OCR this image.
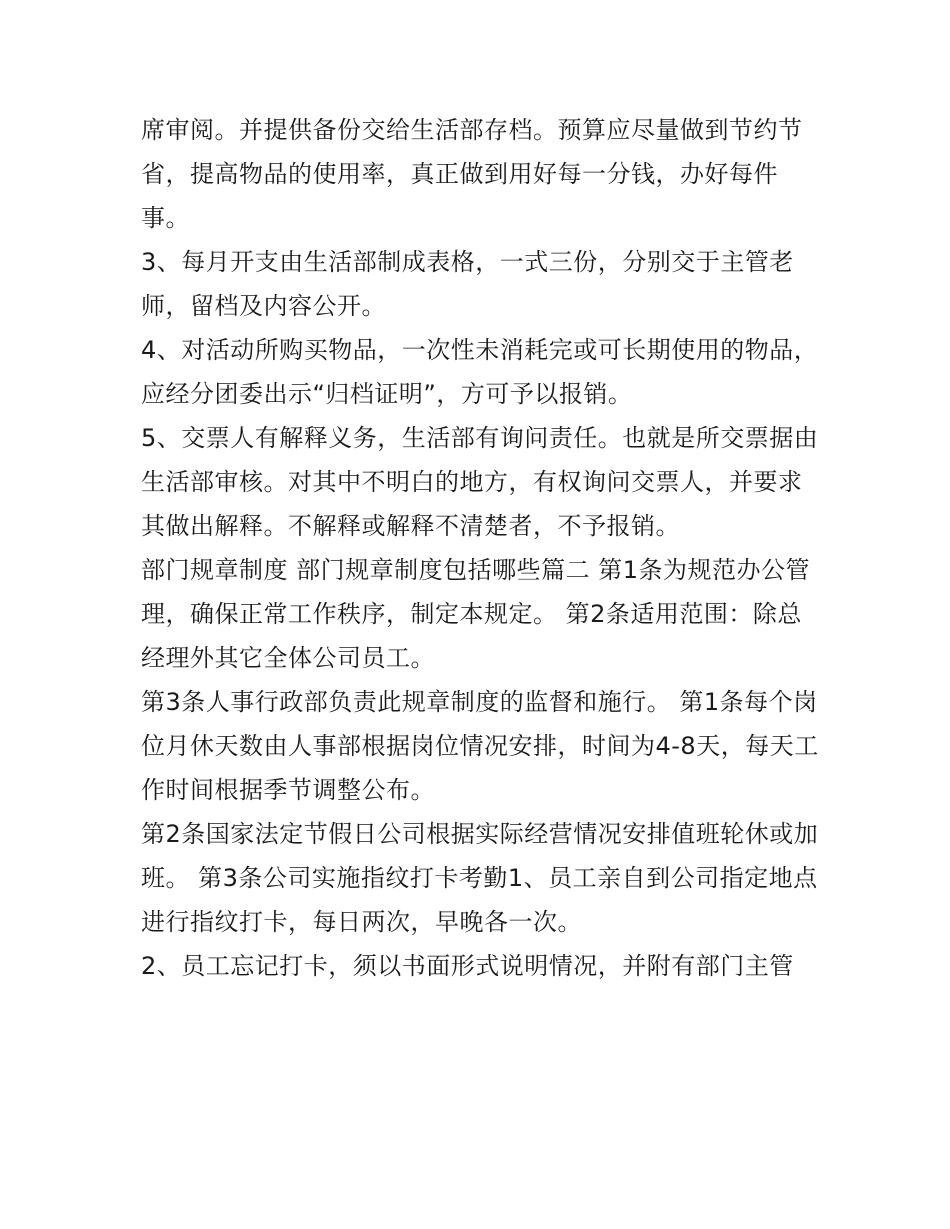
席审阅。并提供备份交给生活部存档。预算应尽量做到节约节省，提高物品的使用率，真正做到用好每一分钱，办好每件事。

3、每月开支由生活部制成表格，一式三份，分别交于主管老师，留档及内容公开。

4、对活动所购买物品，一次性未消耗完或可长期使用的物品，应经分团委出示“归档证明”，方可予以报销。

5、交票人有解释义务，生活部有询问责任。也就是所交票据由生活部审核。对其中不明白的地方，有权询问交票人，并要求其做出解释。不解释或解释不清楚者，不予报销。

部门规章制度 部门规章制度包括哪些篇二 第1条为规范办公管理，确保正常工作秩序，制定本规定。 第2条适用范围：除总经理外其它全体公司员工。

第3条人事行政部负责此规章制度的监督和施行。 第1条每个岗位月休天数由人事部根据岗位情况安排，时间为4-8天，每天工作时间根据季节调整公布。

第2条国家法定节假日公司根据实际经营情况安排值班轮休或加班。 第3条公司实施指纹打卡考勤1、员工亲自到公司指定地点进行指纹打卡，每日两次，早晚各一次。

2、员工忘记打卡，须以书面形式说明情况，并附有部门主管
